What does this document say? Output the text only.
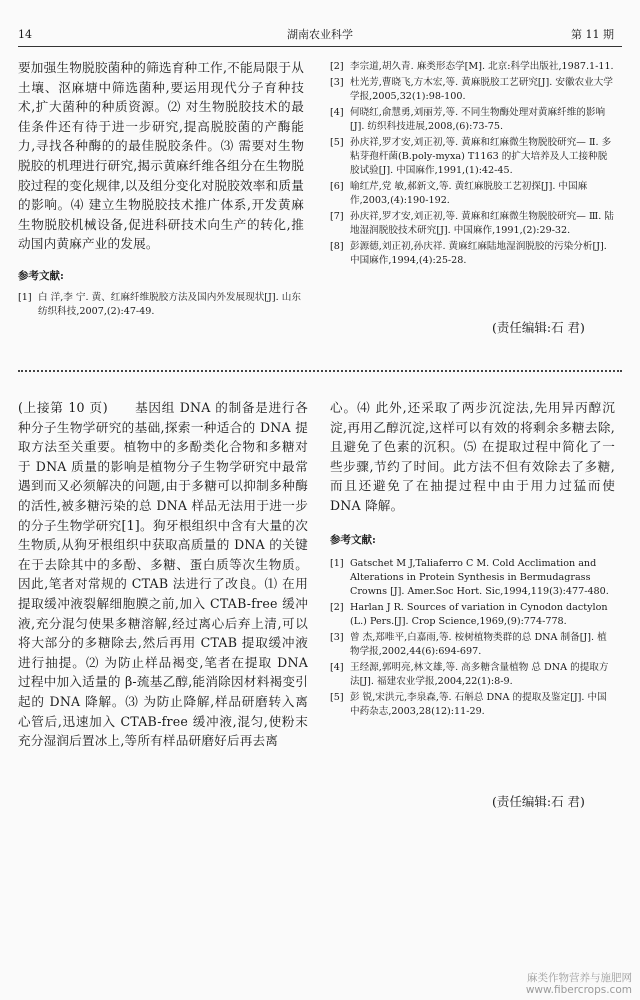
14	湖南农业科学	第 11 期
要加强生物脱胶菌种的筛选育种工作,不能局限于从土壤、沤麻塘中筛选菌种,要运用现代分子育种技术,扩大菌种的种质资源。⑵ 对生物脱胶技术的最佳条件还有待于进一步研究,提高脱胶菌的产酶能力,寻找各种酶的的最佳脱胶条件。⑶ 需要对生物脱胶的机理进行研究,揭示黄麻纤维各组分在生物脱胶过程的变化规律,以及组分变化对脱胶效率和质量的影响。⑷ 建立生物脱胶技术推广体系,开发黄麻生物脱胶机械设备,促进科研技术向生产的转化,推动国内黄麻产业的发展。
参考文献:
[1] 白 洋,李 宁. 黄、红麻纤维脱胶方法及国内外发展现状[J]. 山东纺织科技,2007,(2):47-49.
[2] 李宗道,胡久青. 麻类形态学[M]. 北京:科学出版社,1987.1-11.
[3] 杜光芳,曹晓飞,方木宏,等. 黄麻脱胶工艺研究[J]. 安徽农业大学学报,2005,32(1):98-100.
[4] 何晓红,俞慧勇,刘丽芳,等. 不同生物酶处理对黄麻纤维的影响[J]. 纺织科技进展,2008,(6):73-75.
[5] 孙庆祥,罗才安,刘正初,等. 黄麻和红麻微生物脱胶研究— Ⅱ. 多粘芽孢杆菌(B.poly-myxa) T1163 的扩大培养及人工接种脱胶试验[J]. 中国麻作,1991,(1):42-45.
[6] 喻红芹,党 敏,郝新文,等. 黄红麻脱胶工艺初探[J]. 中国麻作,2003,(4):190-192.
[7] 孙庆祥,罗才安,刘正初,等. 黄麻和红麻微生物脱胶研究— Ⅲ. 陆地湿润脱胶技术研究[J]. 中国麻作,1991,(2):29-32.
[8] 彭源德,刘正初,孙庆祥. 黄麻红麻陆地湿润脱胶的污染分析[J]. 中国麻作,1994,(4):25-28.
(责任编辑:石 君)
(上接第 10 页)　　基因组 DNA 的制备是进行各种分子生物学研究的基础,探索一种适合的 DNA 提取方法至关重要。植物中的多酚类化合物和多糖对于 DNA 质量的影响是植物分子生物学研究中最常遇到而又必须解决的问题,由于多糖可以抑制多种酶的活性,被多糖污染的总 DNA 样品无法用于进一步的分子生物学研究[1]。狗牙根组织中含有大量的次生物质,从狗牙根组织中获取高质量的 DNA 的关键在于去除其中的多酚、多糖、蛋白质等次生物质。因此,笔者对常规的 CTAB 法进行了改良。⑴ 在用提取缓冲液裂解细胞膜之前,加入 CTAB-free 缓冲液,充分混匀使果多糖溶解,经过离心后弃上清,可以将大部分的多糖除去,然后再用 CTAB 提取缓冲液进行抽提。⑵ 为防止样品褐变,笔者在提取 DNA 过程中加入适量的 β-巯基乙醇,能消除因材料褐变引起的 DNA 降解。⑶ 为防止降解,样品研磨转入离心管后,迅速加入 CTAB-free 缓冲液,混匀,使粉末充分湿润后置冰上,等所有样品研磨好后再去离
心。⑷ 此外,还采取了两步沉淀法,先用异丙醇沉淀,再用乙醇沉淀,这样可以有效的将剩余多糖去除,且避免了色素的沉积。⑸ 在提取过程中简化了一些步骤,节约了时间。此方法不但有效除去了多糖,而且还避免了在抽提过程中由于用力过猛而使 DNA 降解。
参考文献:
[1] Gatschet M J,Taliaferro C M. Cold Acclimation and Alterations in Protein Synthesis in Bermudagrass Crowns [J]. Amer.Soc Hort. Sic,1994,119(3):477-480.
[2] Harlan J R. Sources of variation in Cynodon dactylon (L.) Pers.[J]. Crop Science,1969,(9):774-778.
[3] 曾 杰,郑唯平,白嘉雨,等. 桉树植物类群的总 DNA 制备[J]. 植物学报,2002,44(6):694-697.
[4] 王经源,郭明亮,林文雄,等. 高多糖含量植物 总 DNA 的提取方法[J]. 福建农业学报,2004,22(1):8-9.
[5] 彭 锐,宋洪元,李泉森,等. 石斛总 DNA 的提取及鉴定[J]. 中国中药杂志,2003,28(12):11-29.
(责任编辑:石 君)
麻类作物营养与施肥网
www.fibercrops.com
